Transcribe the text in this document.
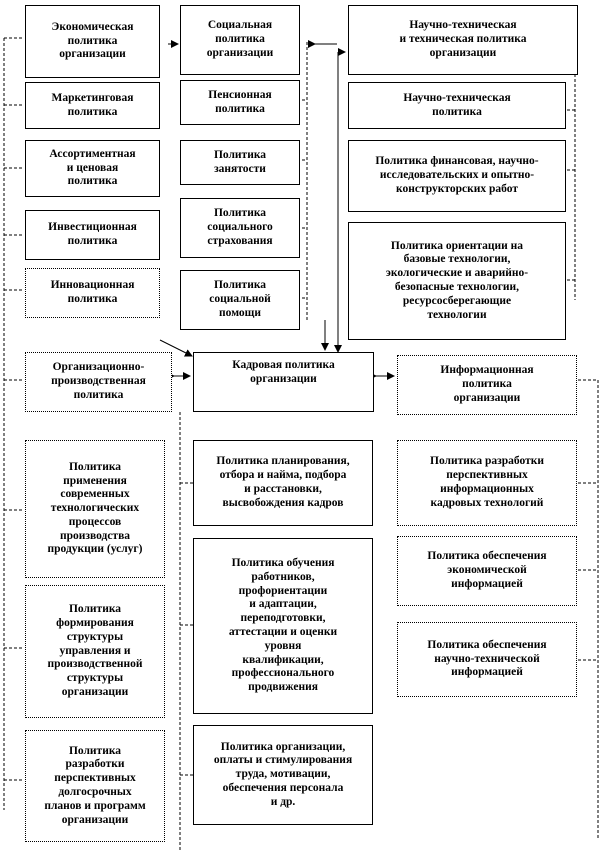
Экономическая
политика
организации
Социальная
политика
организации
Научно-техническая
и техническая политика
организации
Маркетинговая
политика
Ассортиментная
и ценовая
политика
Инвестиционная
политика
Инновационная
политика
Пенсионная
политика
Политика
занятости
Политика
социального
страхования
Политика
социальной
помощи
Научно-техническая
политика
Политика финансовая, научно-
исследовательских и опытно-
конструкторских работ
Политика ориентации на
базовые технологии,
экологические и аварийно-
безопасные технологии,
ресурсосберегающие
технологии
Организационно-
производственная
политика
Кадровая политика
организации
Информационная
политика
организации
Политика
применения
современных
технологических
процессов
производства
продукции (услуг)
Политика
формирования
структуры
управления и
производственной
структуры
организации
Политика
разработки
перспективных
долгосрочных
планов и программ
организации
Политика планирования,
отбора и найма, подбора
и расстановки,
высвобождения кадров
Политика обучения
работников,
профориентации
и адаптации,
переподготовки,
аттестации и оценки
уровня
квалификации,
профессионального
продвижения
Политика организации,
оплаты и стимулирования
труда, мотивации,
обеспечения персонала
и др.
Политика разработки
перспективных
информационных
кадровых технологий
Политика обеспечения
экономической
информацией
Политика обеспечения
научно-технической
информацией
